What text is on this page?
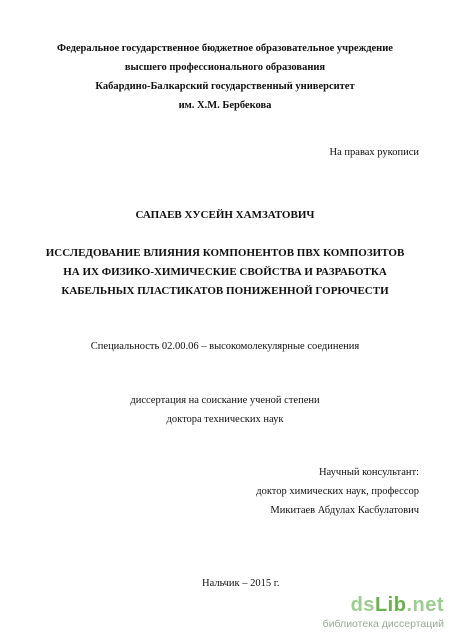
Федеральное государственное бюджетное образовательное учреждение
высшего профессионального образования
Кабардино-Балкарский государственный университет
им. Х.М. Бербекова
На правах рукописи
САПАЕВ ХУСЕЙН ХАМЗАТОВИЧ
ИССЛЕДОВАНИЕ ВЛИЯНИЯ КОМПОНЕНТОВ ПВХ КОМПОЗИТОВ
НА ИХ ФИЗИКО-ХИМИЧЕСКИЕ СВОЙСТВА И РАЗРАБОТКА
КАБЕЛЬНЫХ ПЛАСТИКАТОВ ПОНИЖЕННОЙ ГОРЮЧЕСТИ
Специальность 02.00.06 – высокомолекулярные соединения
диссертация на соискание ученой степени
доктора технических наук
Научный консультант:
доктор химических наук, профессор
Микитаев Абдулах Касбулатович
Нальчик – 2015 г.
dsLib.net
библиотека диссертаций
